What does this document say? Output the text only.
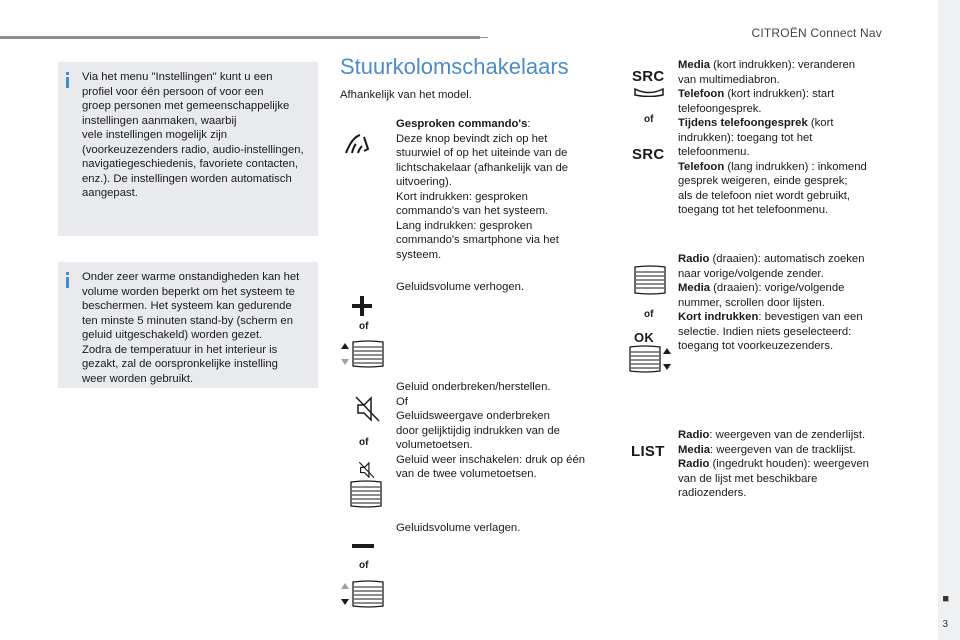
CITROËN Connect Nav

Via het menu "Instellingen" kunt u een
profiel voor één persoon of voor een
groep personen met gemeenschappelijke
instellingen aanmaken, waarbij
vele instellingen mogelijk zijn
(voorkeuzezenders radio, audio-instellingen,
navigatiegeschiedenis, favoriete contacten,
enz.). De instellingen worden automatisch
aangepast.

Onder zeer warme onstandigheden kan het
volume worden beperkt om het systeem te
beschermen. Het systeem kan gedurende
ten minste 5 minuten stand-by (scherm en
geluid uitgeschakeld) worden gezet.
Zodra de temperatuur in het interieur is
gezakt, zal de oorspronkelijke instelling
weer worden gebruikt.

Stuurkolomschakelaars
Afhankelijk van het model.
Gesproken commando's:
Deze knop bevindt zich op het
stuurwiel of op het uiteinde van de
lichtschakelaar (afhankelijk van de
uitvoering).
Kort indrukken: gesproken
commando's van het systeem.
Lang indrukken: gesproken
commando's smartphone via het
systeem.
of
Geluidsvolume verhogen.
of
Geluid onderbreken/herstellen.
Of
Geluidsweergave onderbreken
door gelijktijdig indrukken van de
volumetoetsen.
Geluid weer inschakelen: druk op één
van de twee volumetoetsen.
of
Geluidsvolume verlagen.
SRC
of
SRC
Media (kort indrukken): veranderen
van multimediabron.
Telefoon (kort indrukken): start
telefoongesprek.
Tijdens telefoongesprek (kort
indrukken): toegang tot het
telefoonmenu.
Telefoon (lang indrukken) : inkomend
gesprek weigeren, einde gesprek;
als de telefoon niet wordt gebruikt,
toegang tot het telefoonmenu.
of
OK
Radio (draaien): automatisch zoeken
naar vorige/volgende zender.
Media (draaien): vorige/volgende
nummer, scrollen door lijsten.
Kort indrukken: bevestigen van een
selectie. Indien niets geselecteerd:
toegang tot voorkeuzezenders.
LIST
Radio: weergeven van de zenderlijst.
Media: weergeven van de tracklijst.
Radio (ingedrukt houden): weergeven
van de lijst met beschikbare
radiozenders.
■
3
